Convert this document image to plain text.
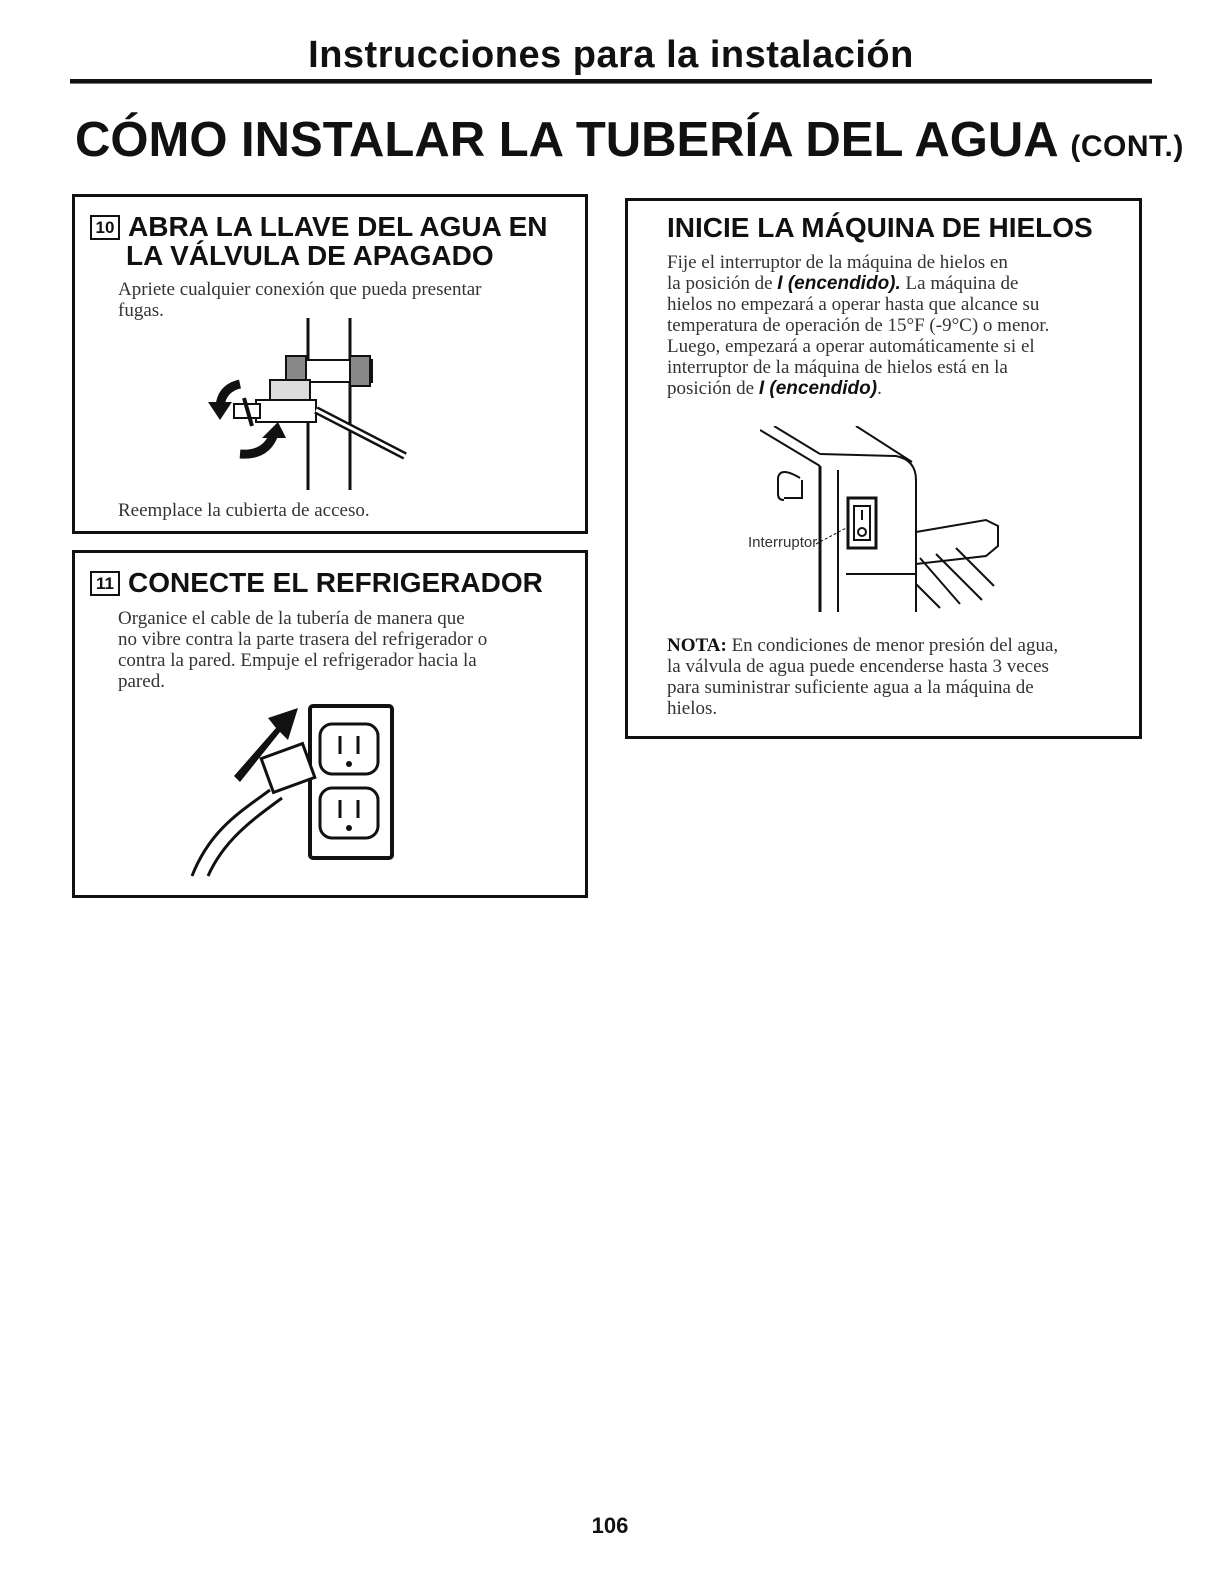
Instrucciones para la instalación
CÓMO INSTALAR LA TUBERÍA DEL AGUA (CONT.)
10 ABRA LA LLAVE DEL AGUA EN
LA VÁLVULA DE APAGADO
Apriete cualquier conexión que pueda presentar
fugas.
Reemplace la cubierta de acceso.
11 CONECTE EL REFRIGERADOR
Organice el cable de la tubería de manera que
no vibre contra la parte trasera del refrigerador o
contra la pared. Empuje el refrigerador hacia la
pared.
INICIE LA MÁQUINA DE HIELOS
Fije el interruptor de la máquina de hielos en
la posición de I (encendido). La máquina de
hielos no empezará a operar hasta que alcance su
temperatura de operación de 15°F (-9°C) o menor.
Luego, empezará a operar automáticamente si el
interruptor de la máquina de hielos está en la
posición de I (encendido).
Interruptor
NOTA: En condiciones de menor presión del agua,
la válvula de agua puede encenderse hasta 3 veces
para suministrar suficiente agua a la máquina de
hielos.
106
